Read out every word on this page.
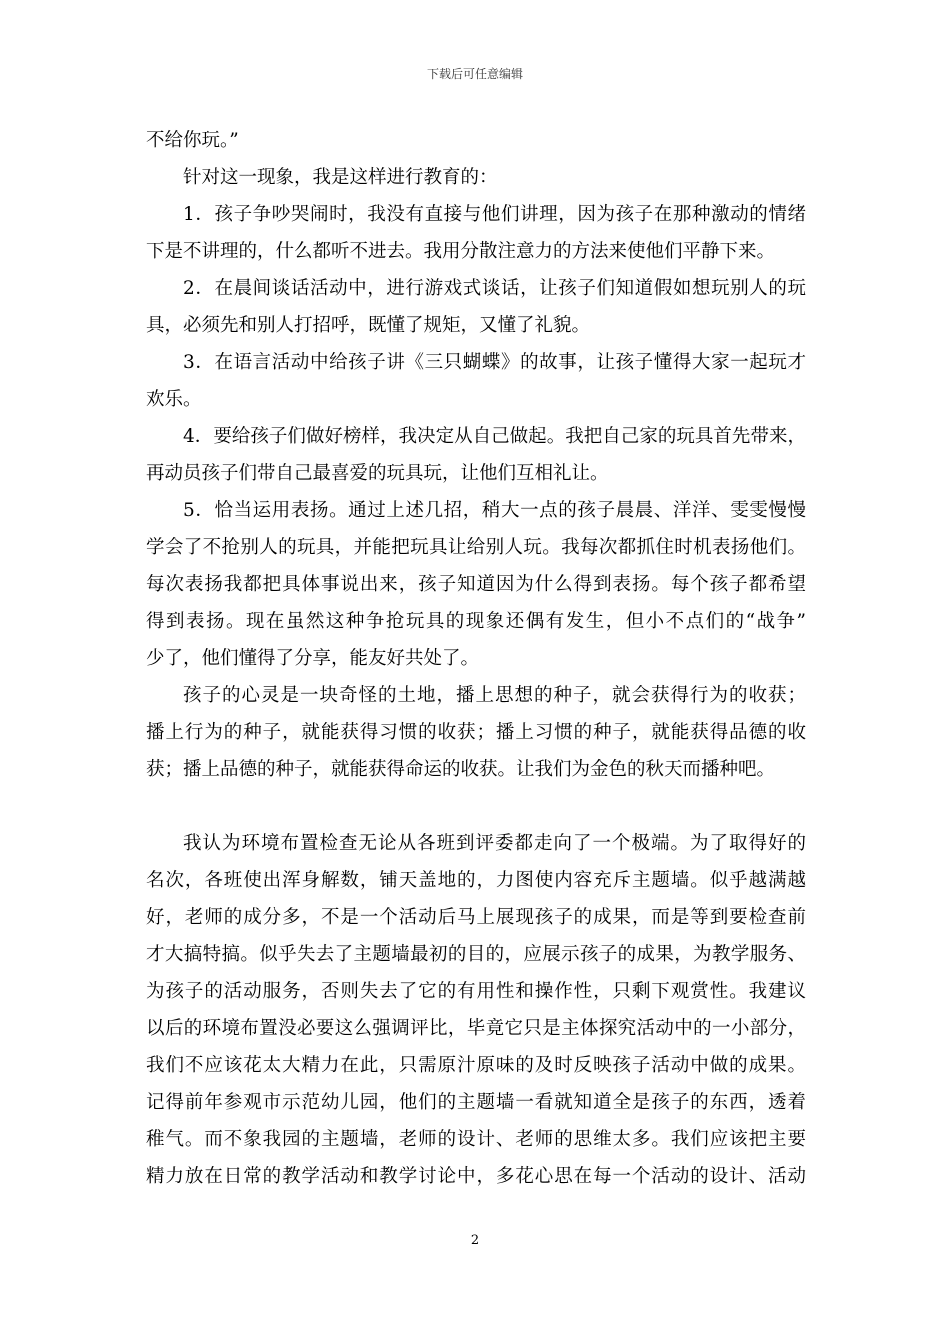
下载后可任意编辑
不给你玩。”
针对这一现象，我是这样进行教育的：
1．孩子争吵哭闹时，我没有直接与他们讲理，因为孩子在那种激动的情绪
下是不讲理的，什么都听不进去。我用分散注意力的方法来使他们平静下来。
2．在晨间谈话活动中，进行游戏式谈话，让孩子们知道假如想玩别人的玩
具，必须先和别人打招呼，既懂了规矩，又懂了礼貌。
3．在语言活动中给孩子讲《三只蝴蝶》的故事，让孩子懂得大家一起玩才
欢乐。
4．要给孩子们做好榜样，我决定从自己做起。我把自己家的玩具首先带来，
再动员孩子们带自己最喜爱的玩具玩，让他们互相礼让。
5．恰当运用表扬。通过上述几招，稍大一点的孩子晨晨、洋洋、雯雯慢慢
学会了不抢别人的玩具，并能把玩具让给别人玩。我每次都抓住时机表扬他们。
每次表扬我都把具体事说出来，孩子知道因为什么得到表扬。每个孩子都希望
得到表扬。现在虽然这种争抢玩具的现象还偶有发生，但小不点们的“战争”
少了，他们懂得了分享，能友好共处了。
孩子的心灵是一块奇怪的土地，播上思想的种子，就会获得行为的收获；
播上行为的种子，就能获得习惯的收获；播上习惯的种子，就能获得品德的收
获；播上品德的种子，就能获得命运的收获。让我们为金色的秋天而播种吧。
我认为环境布置检查无论从各班到评委都走向了一个极端。为了取得好的
名次，各班使出浑身解数，铺天盖地的，力图使内容充斥主题墙。似乎越满越
好，老师的成分多，不是一个活动后马上展现孩子的成果，而是等到要检查前
才大搞特搞。似乎失去了主题墙最初的目的，应展示孩子的成果，为教学服务、
为孩子的活动服务，否则失去了它的有用性和操作性，只剩下观赏性。我建议
以后的环境布置没必要这么强调评比，毕竟它只是主体探究活动中的一小部分，
我们不应该花太大精力在此，只需原汁原味的及时反映孩子活动中做的成果。
记得前年参观市示范幼儿园，他们的主题墙一看就知道全是孩子的东西，透着
稚气。而不象我园的主题墙，老师的设计、老师的思维太多。我们应该把主要
精力放在日常的教学活动和教学讨论中，多花心思在每一个活动的设计、活动
2
